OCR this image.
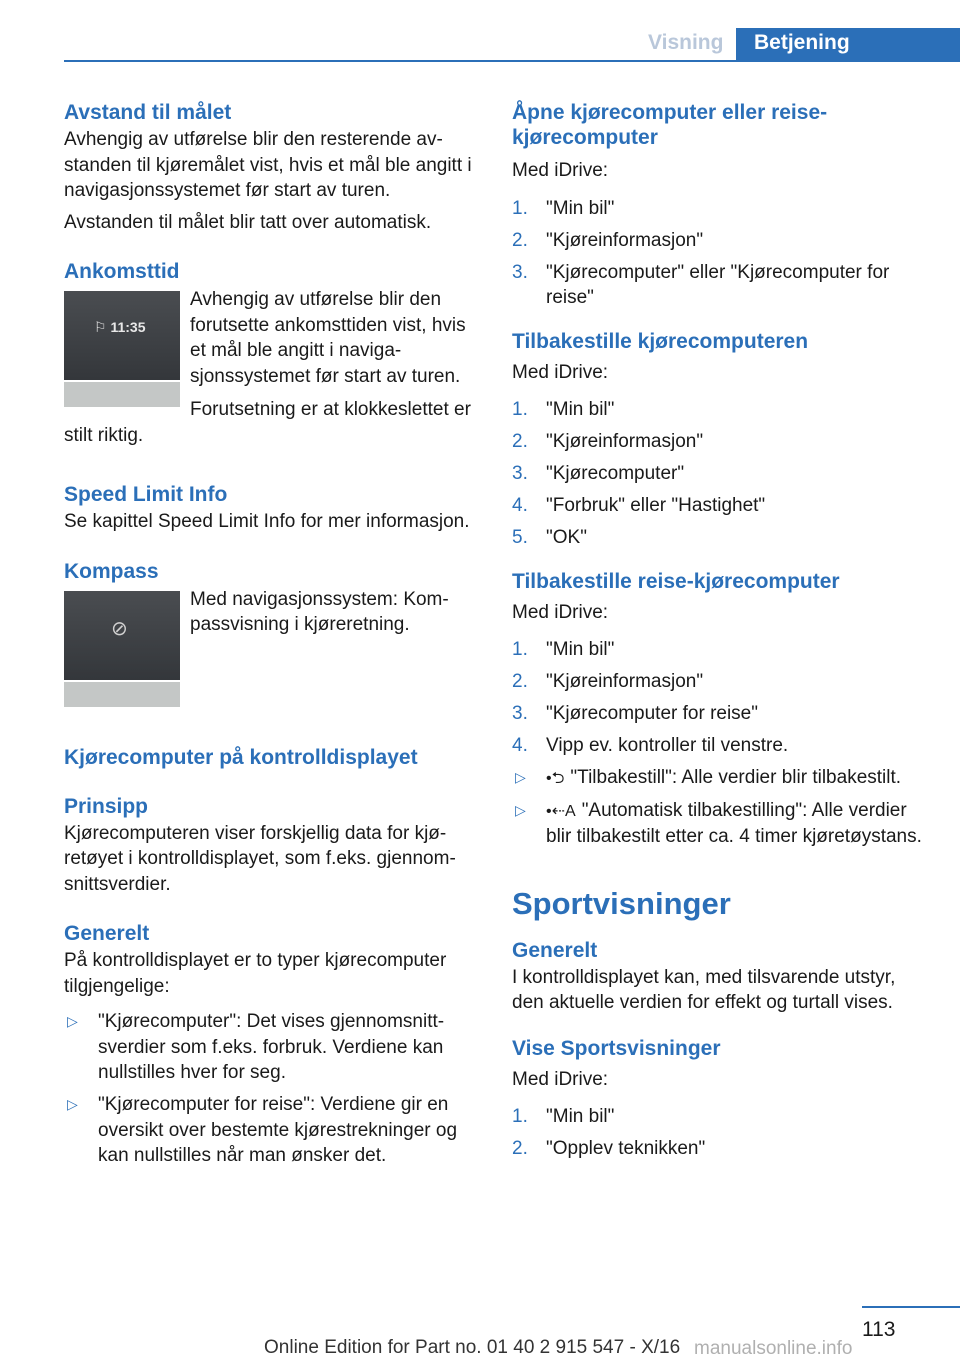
Visning	Betjening
Avstand til målet

Avhengig av utførelse blir den resterende avstanden til kjøremålet vist, hvis et mål ble angitt i navigasjonssystemet før start av turen.

Avstanden til målet blir tatt over automatisk.

Ankomsttid
⚐ 11:35

Avhengig av utførelse blir den forutsette ankomsttiden vist, hvis et mål ble angitt i navigasjonssystemet før start av turen.

Forutsetning er at klokkeslettet er stilt riktig.

Speed Limit Info

Se kapittel Speed Limit Info for mer informasjon.

Kompass
⊘

Med navigasjonssystem: Kompassvisning i kjøreretning.

Kjørecomputer på kontrolldisplayet
Prinsipp

Kjørecomputeren viser forskjellig data for kjøretøyet i kontrolldisplayet, som f.eks. gjennomsnittsverdier.

Generelt

På kontrolldisplayet er to typer kjørecomputer tilgjengelige:

▷ "Kjørecomputer": Det vises gjennomsnittsverdier som f.eks. forbruk. Verdiene kan nullstilles hver for seg.
▷ "Kjørecomputer for reise": Verdiene gir en oversikt over bestemte kjørestrekninger og kan nullstilles når man ønsker det.
Åpne kjørecomputer eller reisekjørecomputer

Med iDrive:

1. "Min bil"
2. "Kjøreinformasjon"
3. "Kjørecomputer" eller "Kjørecomputer for reise"
Tilbakestille kjørecomputeren

Med iDrive:

1. "Min bil"
2. "Kjøreinformasjon"
3. "Kjørecomputer"
4. "Forbruk" eller "Hastighet"
5. "OK"
Tilbakestille reise-kjørecomputer

Med iDrive:

1. "Min bil"
2. "Kjøreinformasjon"
3. "Kjørecomputer for reise"
4. Vipp ev. kontroller til venstre.
▷ •⮌ "Tilbakestill": Alle verdier blir tilbakestilt.
▷ •⇠A "Automatisk tilbakestilling": Alle verdier blir tilbakestilt etter ca. 4 timer kjøretøystans.
Sportvisninger
Generelt

I kontrolldisplayet kan, med tilsvarende utstyr, den aktuelle verdien for effekt og turtall vises.

Vise Sportsvisninger

Med iDrive:

1. "Min bil"
2. "Opplev teknikken"
113
Online Edition for Part no. 01 40 2 915 547 - X/16 manualsonline.info
